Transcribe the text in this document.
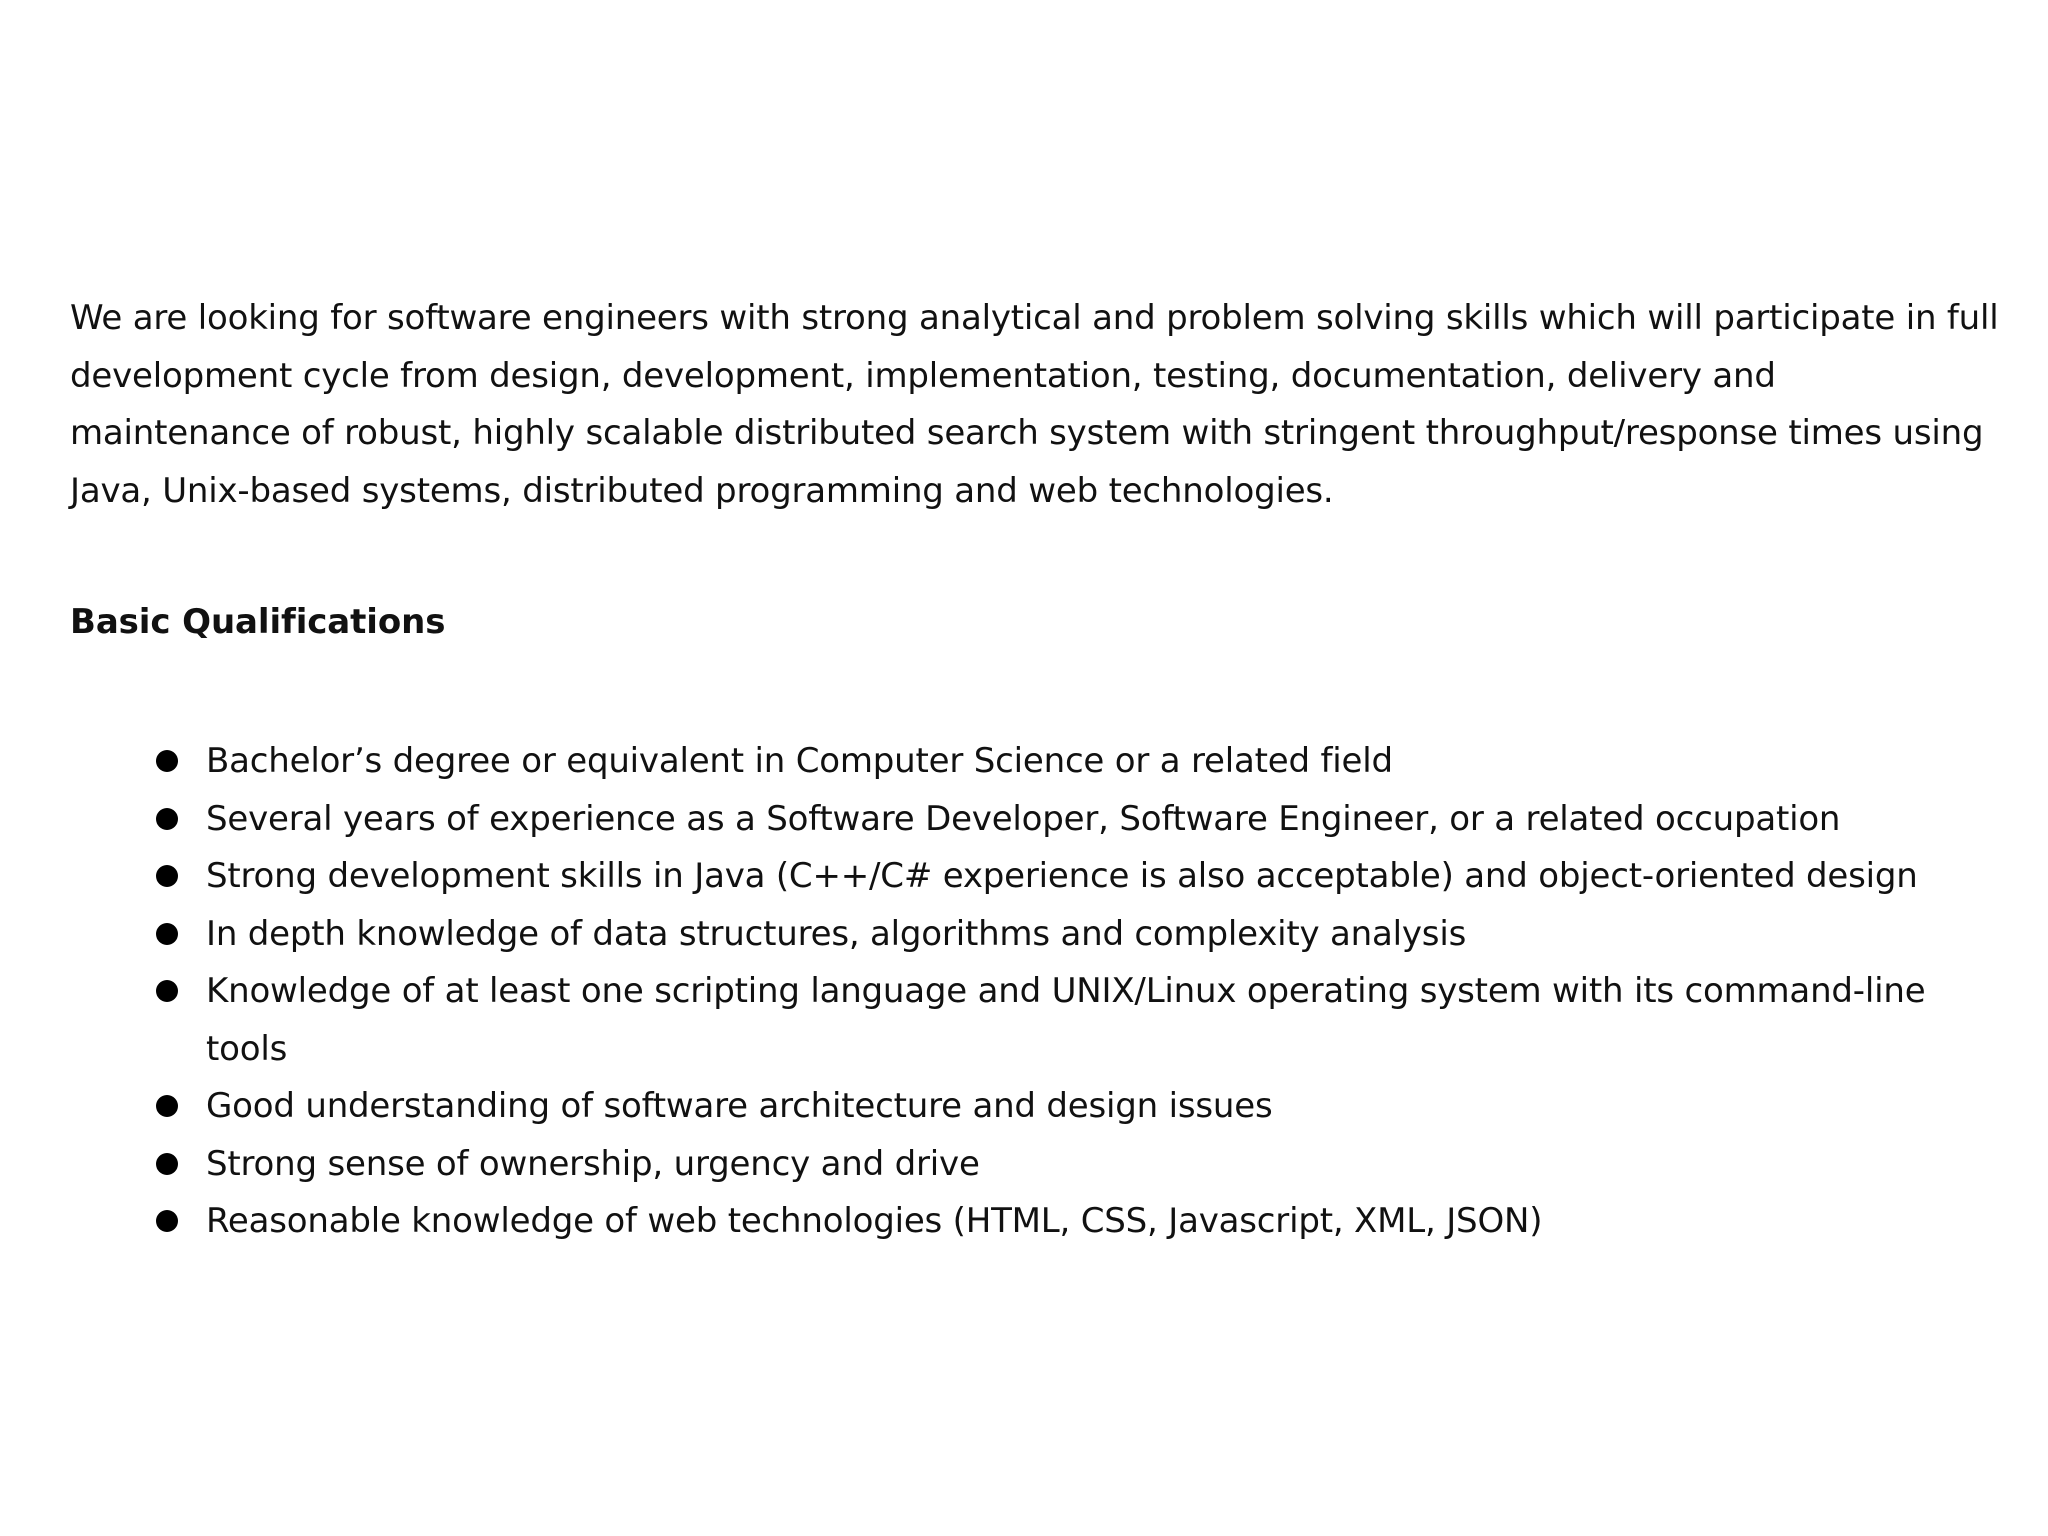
We are looking for software engineers with strong analytical and problem solving skills which will participate in full development cycle from design, development, implementation, testing, documentation, delivery and maintenance of robust, highly scalable distributed search system with stringent throughput/response times using Java, Unix-based systems, distributed programming and web technologies.

Basic Qualifications
Bachelor’s degree or equivalent in Computer Science or a related field
Several years of experience as a Software Developer, Software Engineer, or a related occupation
Strong development skills in Java (C++/C# experience is also acceptable) and object-oriented design
In depth knowledge of data structures, algorithms and complexity analysis
Knowledge of at least one scripting language and UNIX/Linux operating system with its command-line tools
Good understanding of software architecture and design issues
Strong sense of ownership, urgency and drive
Reasonable knowledge of web technologies (HTML, CSS, Javascript, XML, JSON)
